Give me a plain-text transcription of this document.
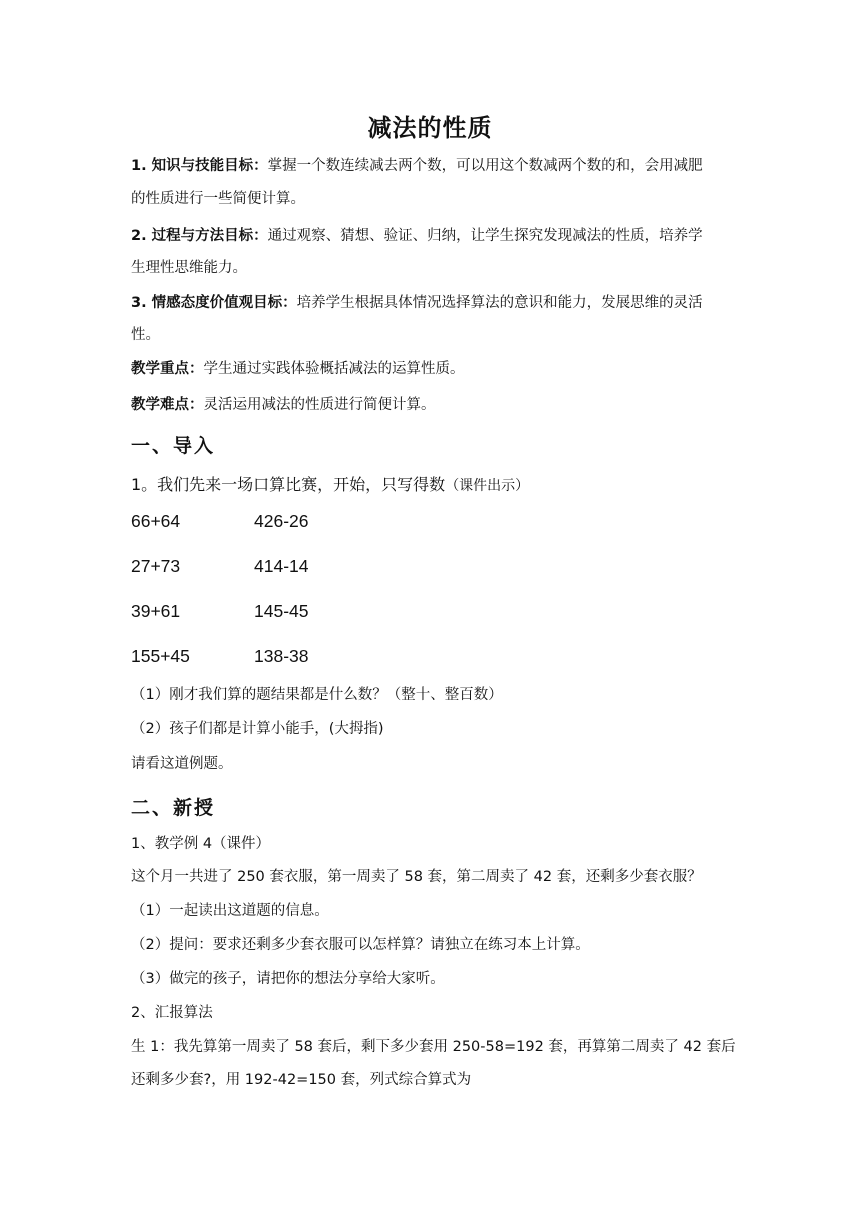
减法的性质
1. 知识与技能目标：掌握一个数连续减去两个数，可以用这个数减两个数的和，会用减肥
的性质进行一些简便计算。
2. 过程与方法目标：通过观察、猜想、验证、归纳，让学生探究发现减法的性质，培养学
生理性思维能力。
3. 情感态度价值观目标：培养学生根据具体情况选择算法的意识和能力，发展思维的灵活
性。
教学重点：学生通过实践体验概括减法的运算性质。
教学难点：灵活运用减法的性质进行简便计算。
一、导入
1。我们先来一场口算比赛，开始，只写得数（课件出示）
66+64	426-26
27+73	414-14
39+61	145-45
155+45	138-38
（1）刚才我们算的题结果都是什么数？（整十、整百数）
（2）孩子们都是计算小能手，(大拇指)
请看这道例题。
二、新授
1、教学例 4（课件）
这个月一共进了 250 套衣服，第一周卖了 58 套，第二周卖了 42 套，还剩多少套衣服？
（1）一起读出这道题的信息。
（2）提问：要求还剩多少套衣服可以怎样算？请独立在练习本上计算。
（3）做完的孩子，请把你的想法分享给大家听。
2、汇报算法
生 1：我先算第一周卖了 58 套后，剩下多少套用 250-58=192 套，再算第二周卖了 42 套后
还剩多少套?，用 192-42=150 套，列式综合算式为
